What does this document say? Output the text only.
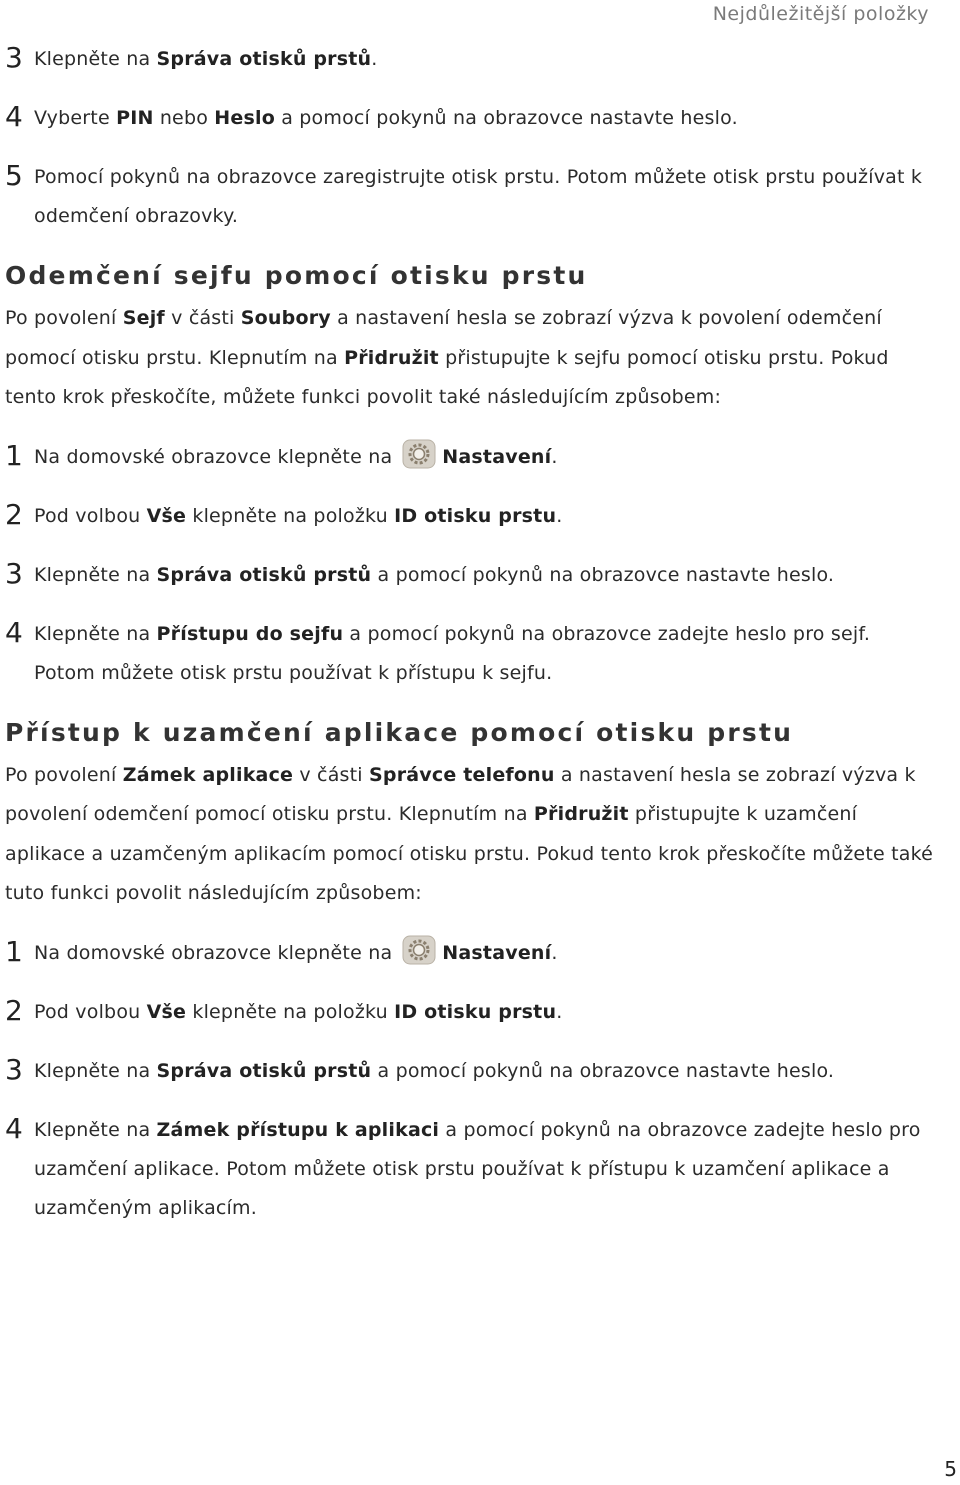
Nejdůležitější položky
3 Klepněte na Správa otisků prstů.
4 Vyberte PIN nebo Heslo a pomocí pokynů na obrazovce nastavte heslo.
5 Pomocí pokynů na obrazovce zaregistrujte otisk prstu. Potom můžete otisk prstu používat k odemčení obrazovky.
Odemčení sejfu pomocí otisku prstu

Po povolení Sejf v části Soubory a nastavení hesla se zobrazí výzva k povolení odemčení pomocí otisku prstu. Klepnutím na Přidružit přistupujte k sejfu pomocí otisku prstu. Pokud tento krok přeskočíte, můžete funkci povolit také následujícím způsobem:

1 Na domovské obrazovce klepněte na	Nastavení.
2 Pod volbou Vše klepněte na položku ID otisku prstu.
3 Klepněte na Správa otisků prstů a pomocí pokynů na obrazovce nastavte heslo.
4 Klepněte na Přístupu do sejfu a pomocí pokynů na obrazovce zadejte heslo pro sejf. Potom můžete otisk prstu používat k přístupu k sejfu.
Přístup k uzamčení aplikace pomocí otisku prstu

Po povolení Zámek aplikace v části Správce telefonu a nastavení hesla se zobrazí výzva k povolení odemčení pomocí otisku prstu. Klepnutím na Přidružit přistupujte k uzamčení aplikace a uzamčeným aplikacím pomocí otisku prstu. Pokud tento krok přeskočíte můžete také tuto funkci povolit následujícím způsobem:

1 Na domovské obrazovce klepněte na	Nastavení.
2 Pod volbou Vše klepněte na položku ID otisku prstu.
3 Klepněte na Správa otisků prstů a pomocí pokynů na obrazovce nastavte heslo.
4 Klepněte na Zámek přístupu k aplikaci a pomocí pokynů na obrazovce zadejte heslo pro uzamčení aplikace. Potom můžete otisk prstu používat k přístupu k uzamčení aplikace a uzamčeným aplikacím.
5
